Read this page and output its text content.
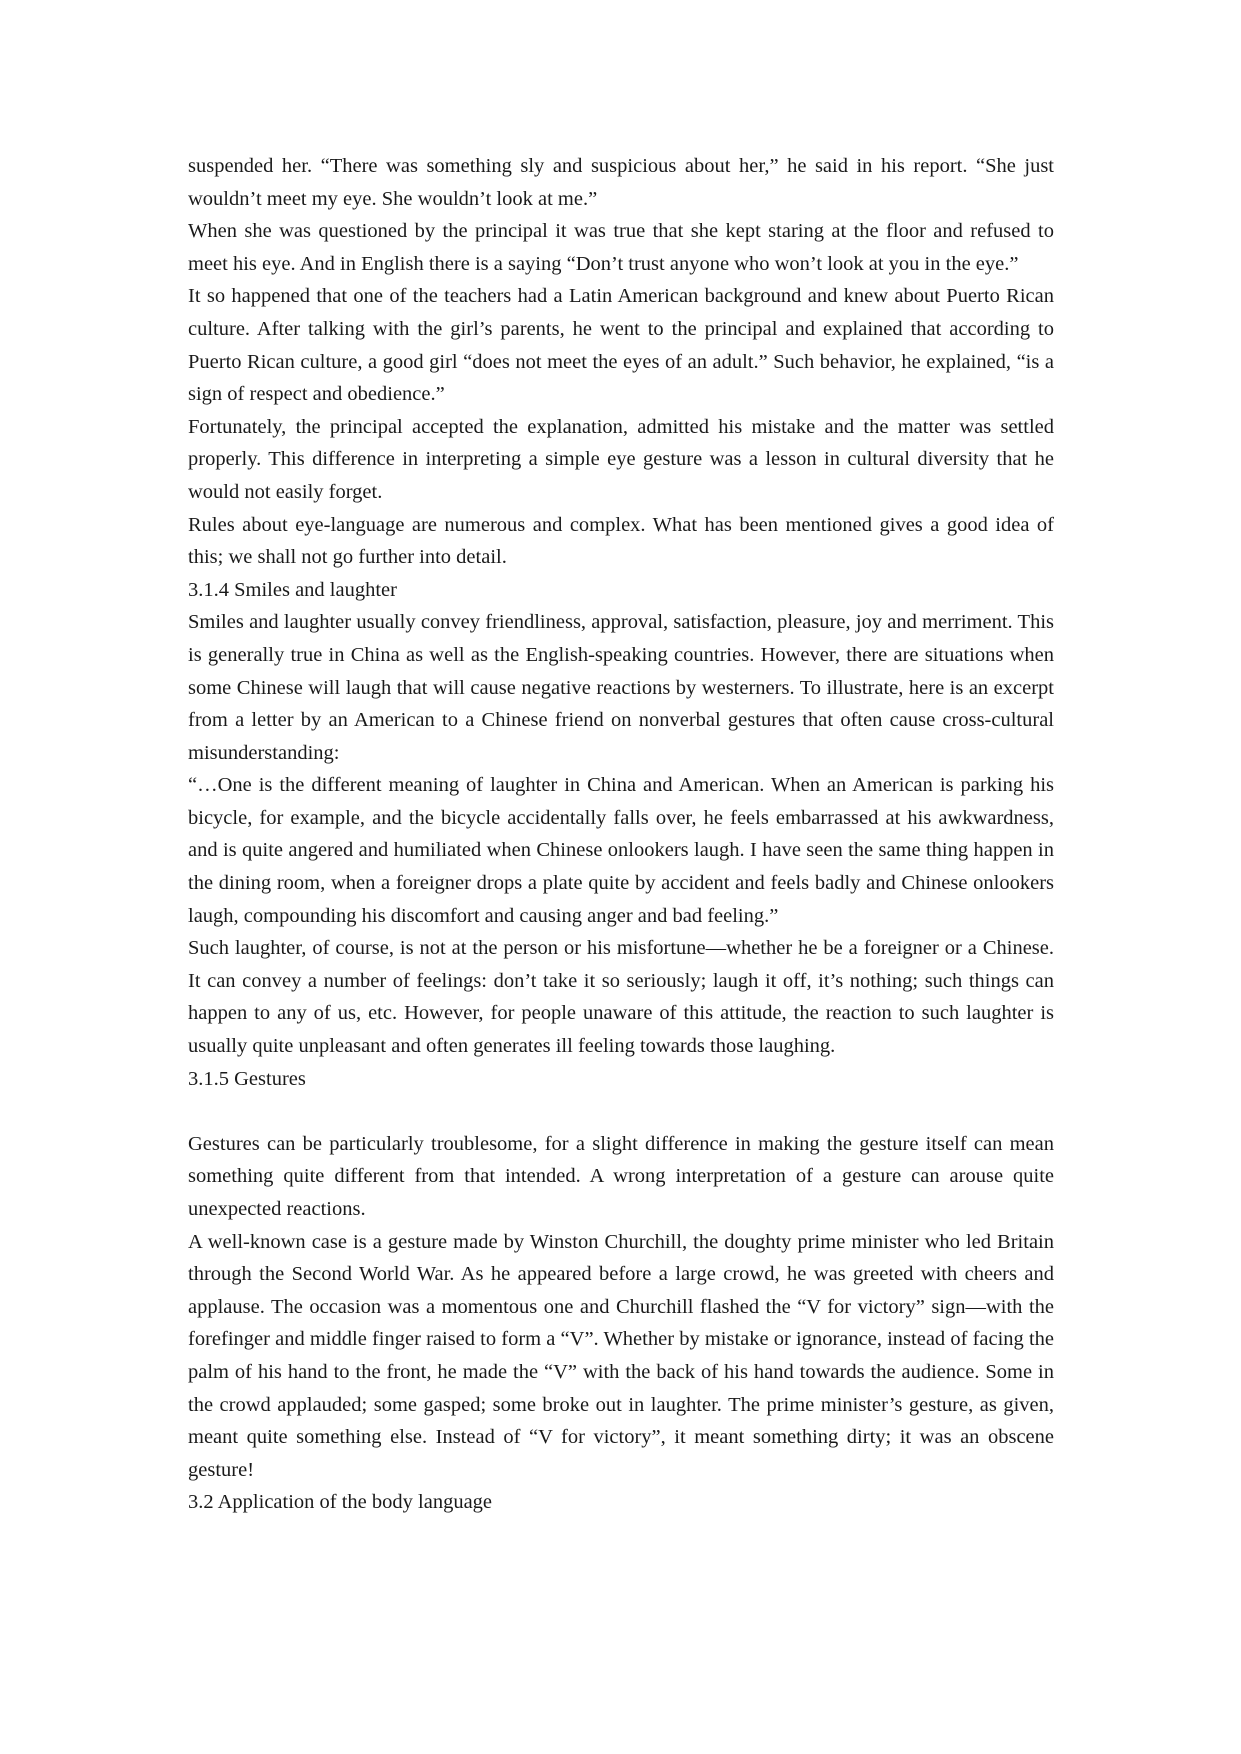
suspended her. “There was something sly and suspicious about her,” he said in his report. “She just wouldn’t meet my eye. She wouldn’t look at me.”

When she was questioned by the principal it was true that she kept staring at the floor and refused to meet his eye. And in English there is a saying “Don’t trust anyone who won’t look at you in the eye.”

It so happened that one of the teachers had a Latin American background and knew about Puerto Rican culture. After talking with the girl’s parents, he went to the principal and explained that according to Puerto Rican culture, a good girl “does not meet the eyes of an adult.” Such behavior, he explained, “is a sign of respect and obedience.”

Fortunately, the principal accepted the explanation, admitted his mistake and the matter was settled properly. This difference in interpreting a simple eye gesture was a lesson in cultural diversity that he would not easily forget.

Rules about eye-language are numerous and complex. What has been mentioned gives a good idea of this; we shall not go further into detail.

3.1.4 Smiles and laughter

Smiles and laughter usually convey friendliness, approval, satisfaction, pleasure, joy and merriment. This is generally true in China as well as the English-speaking countries. However, there are situations when some Chinese will laugh that will cause negative reactions by westerners. To illustrate, here is an excerpt from a letter by an American to a Chinese friend on nonverbal gestures that often cause cross-cultural misunderstanding:

“…One is the different meaning of laughter in China and American. When an American is parking his bicycle, for example, and the bicycle accidentally falls over, he feels embarrassed at his awkwardness, and is quite angered and humiliated when Chinese onlookers laugh. I have seen the same thing happen in the dining room, when a foreigner drops a plate quite by accident and feels badly and Chinese onlookers laugh, compounding his discomfort and causing anger and bad feeling.”

Such laughter, of course, is not at the person or his misfortune—whether he be a foreigner or a Chinese. It can convey a number of feelings: don’t take it so seriously; laugh it off, it’s nothing; such things can happen to any of us, etc. However, for people unaware of this attitude, the reaction to such laughter is usually quite unpleasant and often generates ill feeling towards those laughing.

3.1.5 Gestures

Gestures can be particularly troublesome, for a slight difference in making the gesture itself can mean something quite different from that intended. A wrong interpretation of a gesture can arouse quite unexpected reactions.

A well-known case is a gesture made by Winston Churchill, the doughty prime minister who led Britain through the Second World War. As he appeared before a large crowd, he was greeted with cheers and applause. The occasion was a momentous one and Churchill flashed the “V for victory” sign—with the forefinger and middle finger raised to form a “V”. Whether by mistake or ignorance, instead of facing the palm of his hand to the front, he made the “V” with the back of his hand towards the audience. Some in the crowd applauded; some gasped; some broke out in laughter. The prime minister’s gesture, as given, meant quite something else. Instead of “V for victory”, it meant something dirty; it was an obscene gesture!

3.2 Application of the body language
